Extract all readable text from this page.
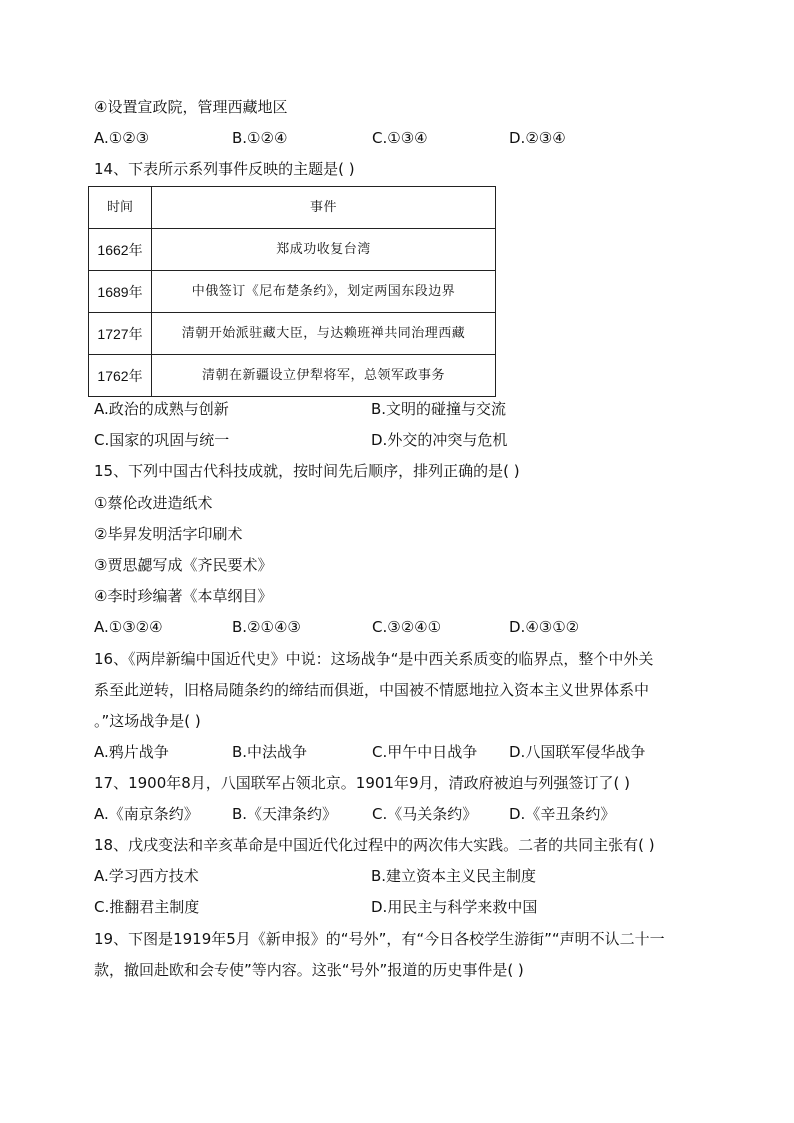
④设置宣政院，管理西藏地区
A.①②③	B.①②④	C.①③④	D.②③④
14、下表所示系列事件反映的主题是( )
时间	事件
1662年	郑成功收复台湾
1689年	中俄签订《尼布楚条约》，划定两国东段边界
1727年	清朝开始派驻藏大臣，与达赖班禅共同治理西藏
1762年	清朝在新疆设立伊犁将军，总领军政事务
A.政治的成熟与创新	B.文明的碰撞与交流
C.国家的巩固与统一	D.外交的冲突与危机
15、下列中国古代科技成就，按时间先后顺序，排列正确的是( )
①蔡伦改进造纸术
②毕昇发明活字印刷术
③贾思勰写成《齐民要术》
④李时珍编著《本草纲目》
A.①③②④	B.②①④③	C.③②④①	D.④③①②
16、《两岸新编中国近代史》中说：这场战争“是中西关系质变的临界点，整个中外关
系至此逆转，旧格局随条约的缔结而俱逝，中国被不情愿地拉入资本主义世界体系中
。”这场战争是( )
A.鸦片战争	B.中法战争	C.甲午中日战争 D.八国联军侵华战争
17、1900年8月，八国联军占领北京。1901年9月，清政府被迫与列强签订了( )
A.《南京条约》 B.《天津条约》 C.《马关条约》 D.《辛丑条约》
18、戊戌变法和辛亥革命是中国近代化过程中的两次伟大实践。二者的共同主张有( )
A.学习西方技术	B.建立资本主义民主制度
C.推翻君主制度	D.用民主与科学来救中国
19、下图是1919年5月《新申报》的“号外”，有“今日各校学生游街”“声明不认二十一
款，撤回赴欧和会专使”等内容。这张“号外”报道的历史事件是( )
